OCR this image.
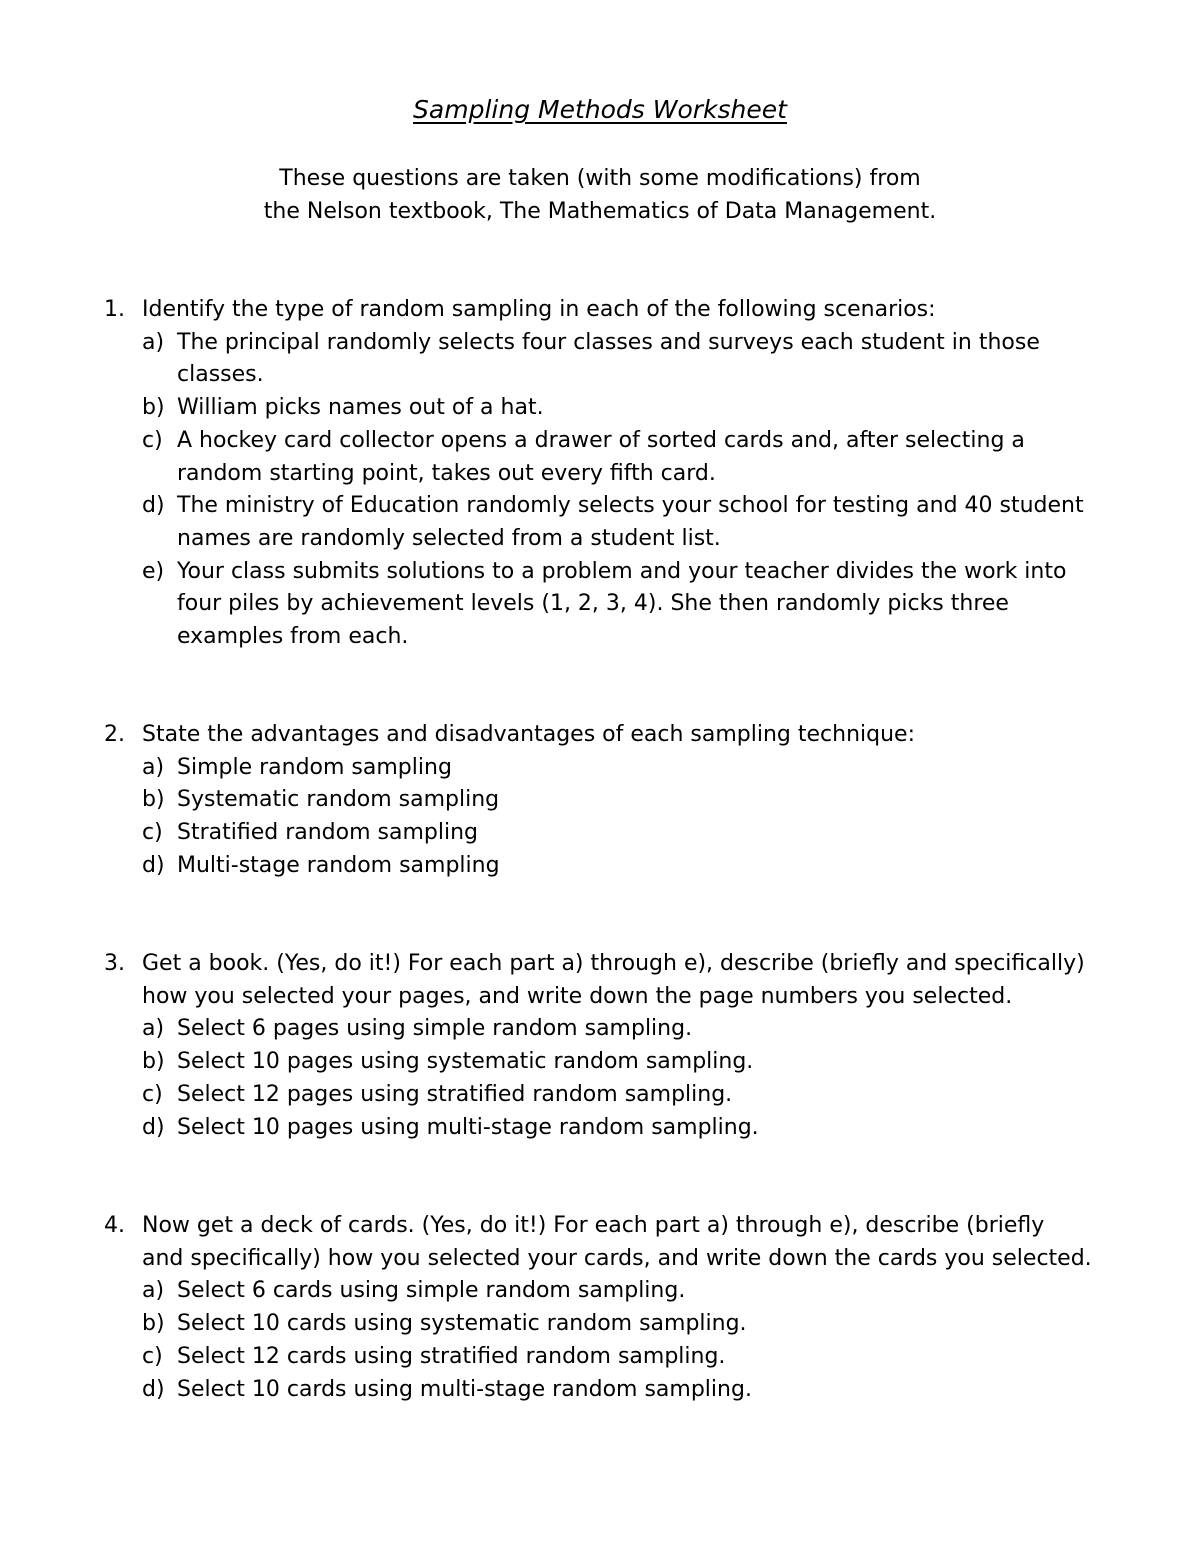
Sampling Methods Worksheet
These questions are taken (with some modifications) from
the Nelson textbook, The Mathematics of Data Management.
1. Identify the type of random sampling in each of the following scenarios:
a) The principal randomly selects four classes and surveys each student in those
classes.
b) William picks names out of a hat.
c) A hockey card collector opens a drawer of sorted cards and, after selecting a
random starting point, takes out every fifth card.
d) The ministry of Education randomly selects your school for testing and 40 student
names are randomly selected from a student list.
e) Your class submits solutions to a problem and your teacher divides the work into
four piles by achievement levels (1, 2, 3, 4). She then randomly picks three
examples from each.
2. State the advantages and disadvantages of each sampling technique:
a) Simple random sampling
b) Systematic random sampling
c) Stratified random sampling
d) Multi-stage random sampling
3. Get a book. (Yes, do it!) For each part a) through e), describe (briefly and specifically)
how you selected your pages, and write down the page numbers you selected.
a) Select 6 pages using simple random sampling.
b) Select 10 pages using systematic random sampling.
c) Select 12 pages using stratified random sampling.
d) Select 10 pages using multi-stage random sampling.
4. Now get a deck of cards. (Yes, do it!) For each part a) through e), describe (briefly
and specifically) how you selected your cards, and write down the cards you selected.
a) Select 6 cards using simple random sampling.
b) Select 10 cards using systematic random sampling.
c) Select 12 cards using stratified random sampling.
d) Select 10 cards using multi-stage random sampling.
